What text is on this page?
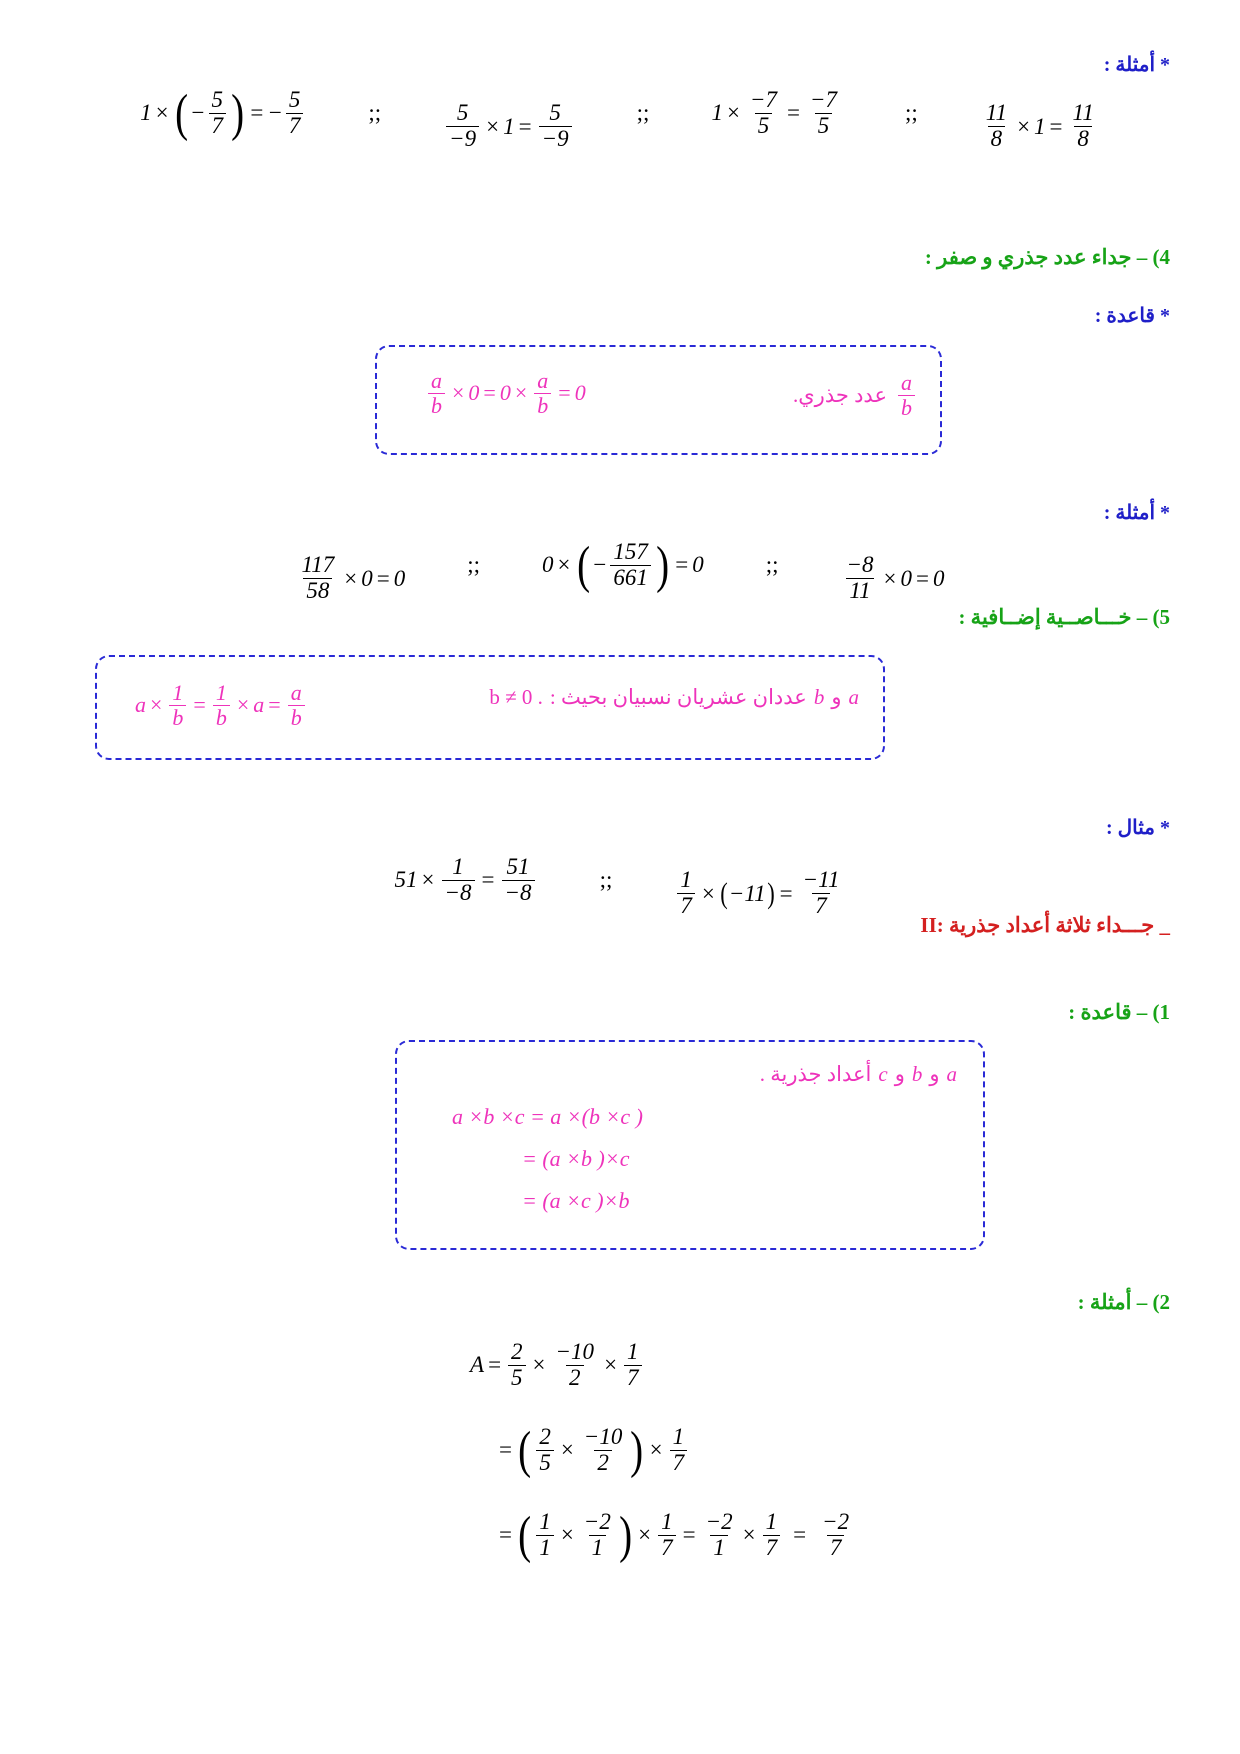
* أمثلة :
1 × ( − $\frac{5}{7}$ ) = − $\frac{5}{7}$	;;	$\frac{5}{-9} \times 1 = \frac{5}{-9}$	;;	$1 \times \frac{-7}{5} = \frac{-7}{5}$	;;	$\frac{11}{8} \times 1 = \frac{11}{8}$
4) – جداء عدد جذري و صفر :
* قاعدة :
$\frac{a}{b}$
عدد جذري.
$\frac{a}{b} \times 0 = 0 \times \frac{a}{b} = 0$
* أمثلة :
$\frac{117}{58} \times 0 = 0$
;;	0 × ( − $\frac{157}{661}$ ) = 0	;;	$\frac{-8}{11} \times 0 = 0$
5) – خـــاصــية إضــافية :
a
و
b
عددان عشريان نسبيان بحيث :
b ≠ 0 .
$a \times \frac{1}{b} = \frac{1}{b} \times a = \frac{a}{b}$
* مثال :
$51 \times \frac{1}{-8} = \frac{51}{-8}$	;;	$\frac{1}{7}$ × ( −11 ) = $\frac{-11}{7}$
_ جـــداء ثلاثة أعداد جذرية :II
1) – قاعدة :
a
و
b
و
c
أعداد جذرية .
a ×b ×c = a ×(b ×c )
= (a ×b )×c
= (a ×c )×b
2) – أمثلة :
$A = \frac{2}{5} \times \frac{-10}{2} \times \frac{1}{7}$
= ( $\frac{2}{5} \times \frac{-10}{2}$ ) × $\frac{1}{7}$
= ( $\frac{1}{1} \times \frac{-2}{1}$ ) × $\frac{1}{7} = \frac{-2}{1} \times \frac{1}{7} = \frac{-2}{7}$
